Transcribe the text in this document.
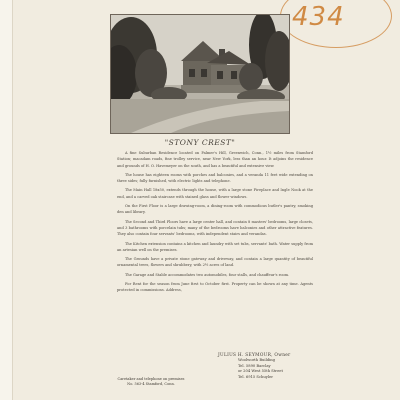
434
"STONY CREST"

A fine Suburban Residence located on Palmer's Hill, Greenwich, Conn., 1½ miles from Stamford Station; macadam roads, fine trolley service, near New York, less than an hour. It adjoins the residence and grounds of H. O. Havemeyer on the south, and has a beautiful and extensive view.

The house has eighteen rooms with porches and balconies, and a veranda 11 feet wide extending on three sides; fully furnished, with electric lights and telephone.

The Main Hall 18x50, extends through the house, with a large stone Fireplace and Ingle Nook at the end, and a carved oak staircase with stained glass and flower windows.

On the First Floor is a large drawing-room, a dining-room with commodious butler's pantry, smoking den and library.

The Second and Third Floors have a large center hall, and contain 8 masters' bedrooms, large closets, and 3 bathrooms with porcelain tubs; many of the bedrooms have balconies and other attractive features. They also contain four servants' bedrooms, with independent stairs and verandas.

The Kitchen extension contains a kitchen and laundry with set tubs, servants' bath. Water supply from an artesian well on the premises.

The Grounds have a private stone gateway and driveway, and contain a large quantity of beautiful ornamental trees, flowers and shrubbery, with 2½ acres of land.

The Garage and Stable accommodates two automobiles, four stalls, and chauffeur's room.

For Rent for the season from June first to October first. Property can be shown at any time. Agents protected in commissions. Address,

JULIUS H. SEYMOUR, Owner
Woolworth Building
Tel. 5890 Barclay
or 204 West 55th Street
Tel. 6915 Schuyler
Caretaker and telephone on premises
No. 563-4 Stamford, Conn.
